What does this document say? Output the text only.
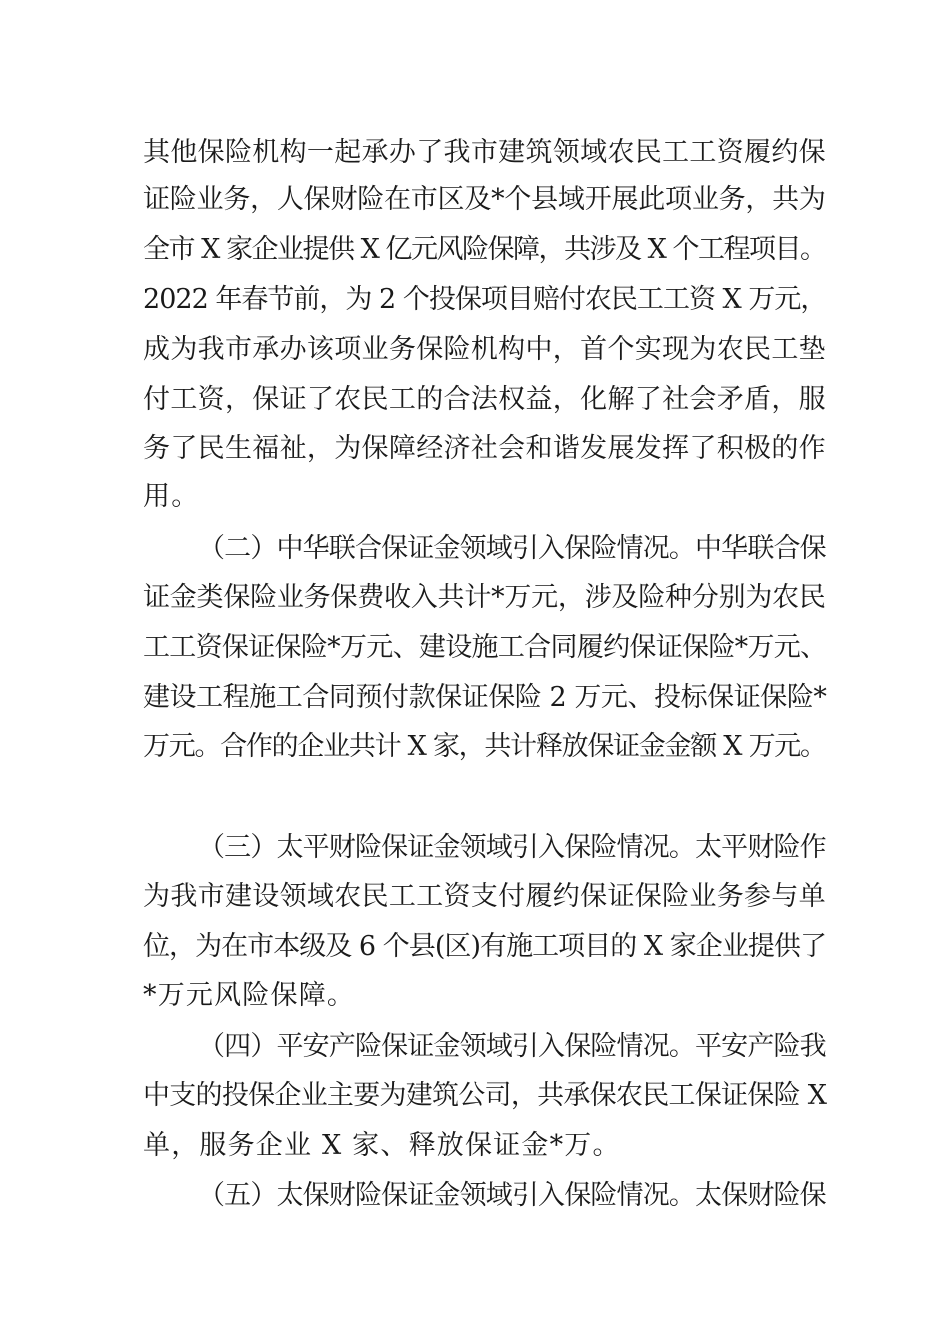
其他保险机构一起承办了我市建筑领域农民工工资履约保
证险业务，人保财险在市区及*个县域开展此项业务，共为
全市 X 家企业提供 X 亿元风险保障，共涉及 X 个工程项目。
2022 年春节前，为 2 个投保项目赔付农民工工资 X 万元，
成为我市承办该项业务保险机构中，首个实现为农民工垫
付工资，保证了农民工的合法权益，化解了社会矛盾，服
务了民生福祉，为保障经济社会和谐发展发挥了积极的作
用。
（二）中华联合保证金领域引入保险情况。中华联合保
证金类保险业务保费收入共计*万元，涉及险种分别为农民
工工资保证保险*万元、建设施工合同履约保证保险*万元、
建设工程施工合同预付款保证保险 2 万元、投标保证保险*
万元。合作的企业共计 X 家，共计释放保证金金额 X 万元。
（三）太平财险保证金领域引入保险情况。太平财险作
为我市建设领域农民工工资支付履约保证保险业务参与单
位，为在市本级及 6 个县(区)有施工项目的 X 家企业提供了
*万元风险保障。
（四）平安产险保证金领域引入保险情况。平安产险我
中支的投保企业主要为建筑公司，共承保农民工保证保险 X
单，服务企业 X 家、释放保证金*万。
（五）太保财险保证金领域引入保险情况。太保财险保
